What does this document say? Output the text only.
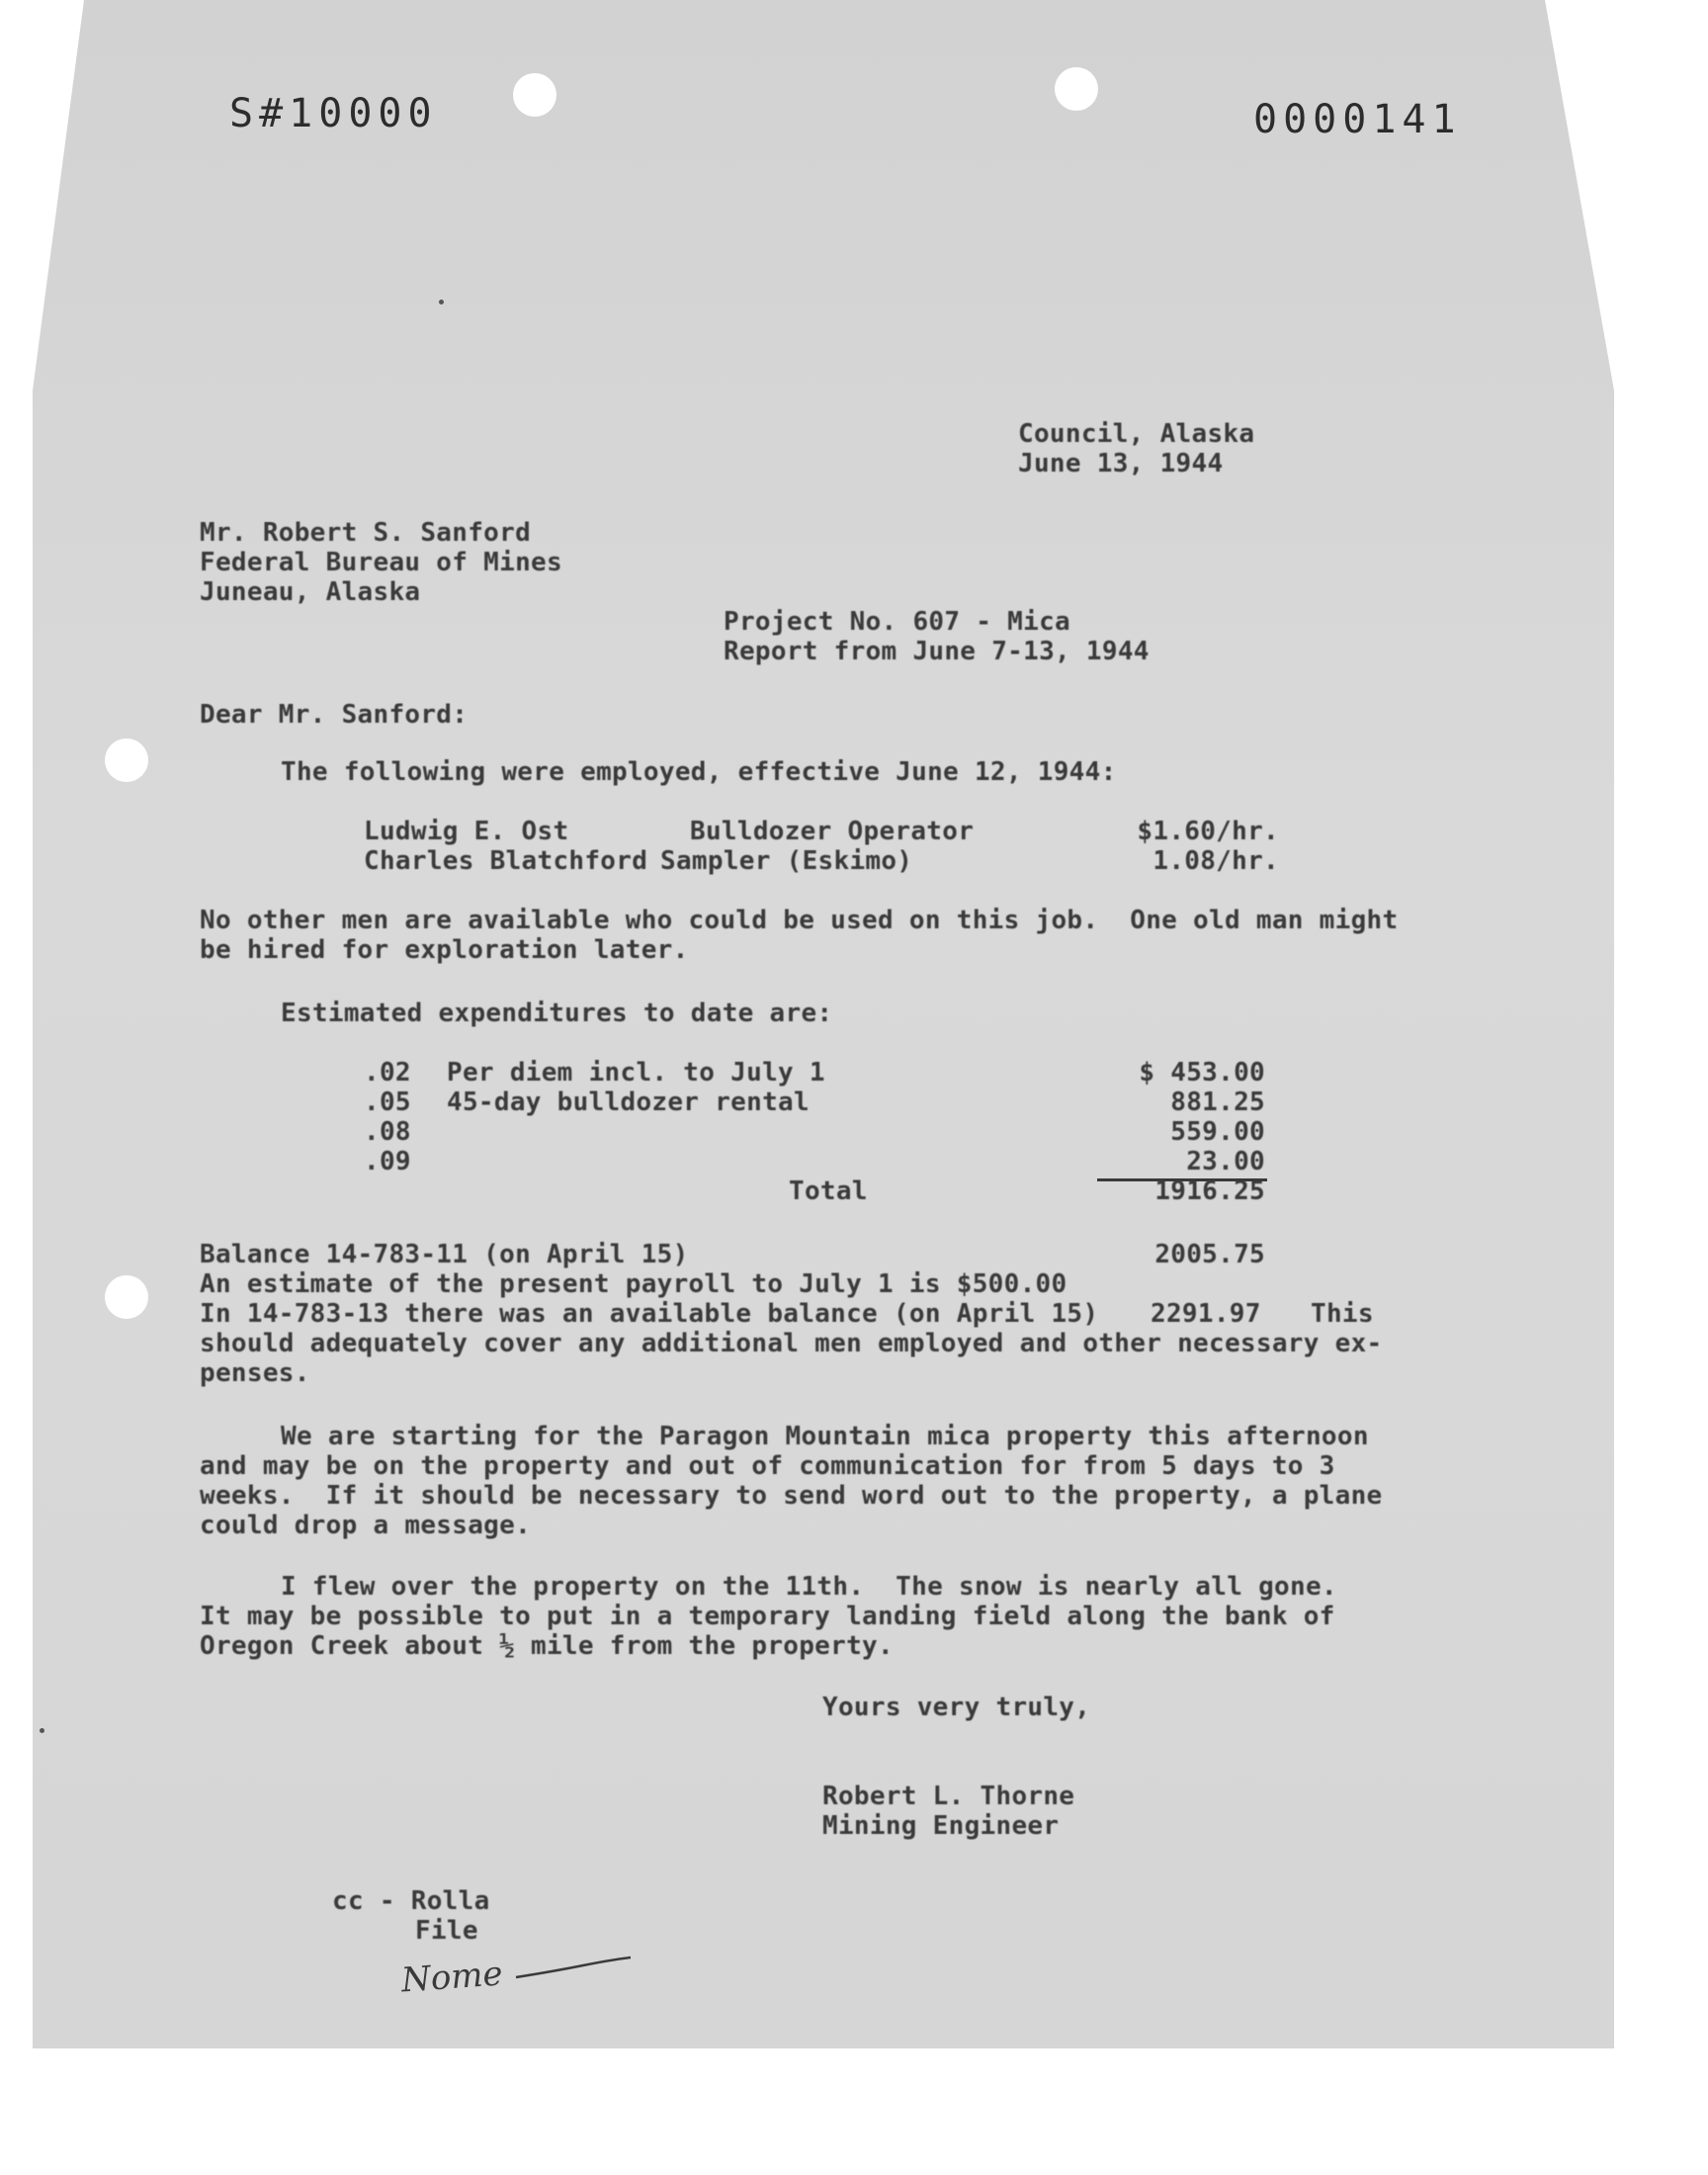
S#10000	0000141
Council, Alaska
June 13, 1944
Mr. Robert S. Sanford
Federal Bureau of Mines
Juneau, Alaska
Project No. 607 - Mica
Report from June 7-13, 1944
Dear Mr. Sanford:
The following were employed, effective June 12, 1944:
Ludwig E. Ost	Bulldozer Operator	$1.60/hr.
Charles Blatchford Sampler (Eskimo)	1.08/hr.
No other men are available who could be used on this job.  One old man might
be hired for exploration later.
Estimated expenditures to date are:
.02 Per diem incl. to July 1	$ 453.00
.05 45-day bulldozer rental	881.25
.08	559.00
.09	23.00
Total	1916.25
Balance 14-783-11 (on April 15)	2005.75
An estimate of the present payroll to July 1 is $500.00
In 14-783-13 there was an available balance (on April 15) 2291.97 This
should adequately cover any additional men employed and other necessary ex-
penses.
We are starting for the Paragon Mountain mica property this afternoon
and may be on the property and out of communication for from 5 days to 3
weeks.  If it should be necessary to send word out to the property, a plane
could drop a message.
I flew over the property on the 11th.  The snow is nearly all gone.
It may be possible to put in a temporary landing field along the bank of
Oregon Creek about ½ mile from the property.
Yours very truly,
Robert L. Thorne
Mining Engineer
cc - Rolla
File
Nome
